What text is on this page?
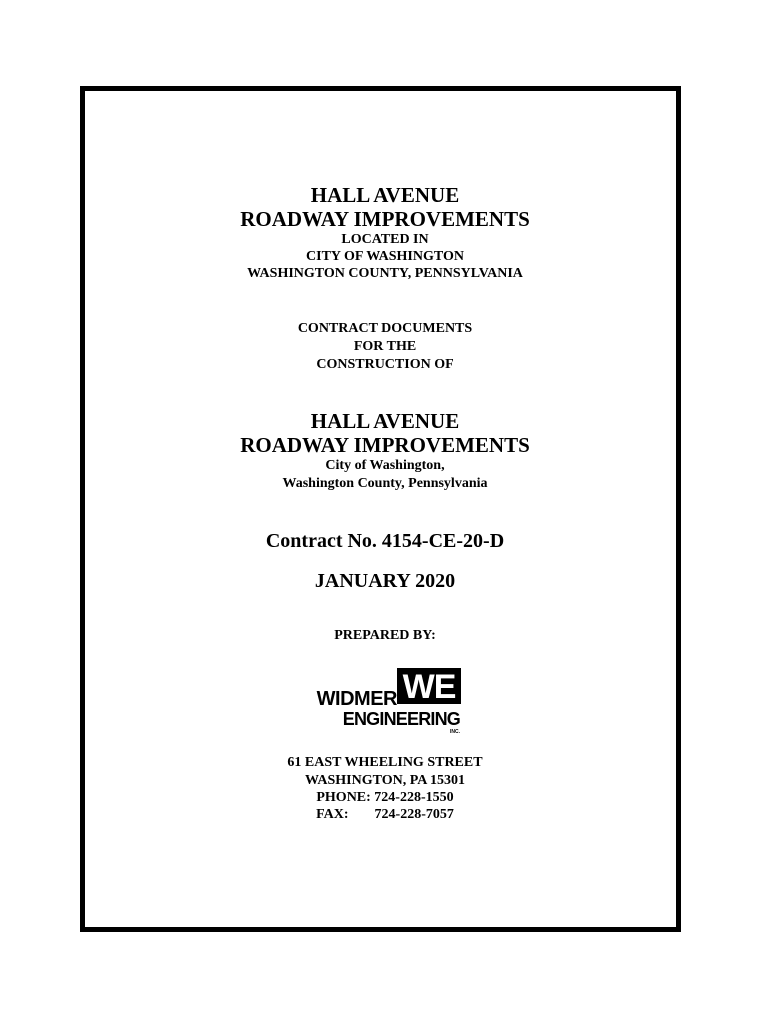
HALL AVENUE
ROADWAY IMPROVEMENTS
LOCATED IN
CITY OF WASHINGTON
WASHINGTON COUNTY, PENNSYLVANIA
CONTRACT DOCUMENTS
FOR THE
CONSTRUCTION OF
HALL AVENUE
ROADWAY IMPROVEMENTS
City of Washington,
Washington County, Pennsylvania
Contract No. 4154-CE-20-D
JANUARY 2020
PREPARED BY:
WE
WIDMER
ENGINEERING
INC.
61 EAST WHEELING STREET
WASHINGTON, PA 15301
PHONE: 724-228-1550
FAX: 724-228-7057
